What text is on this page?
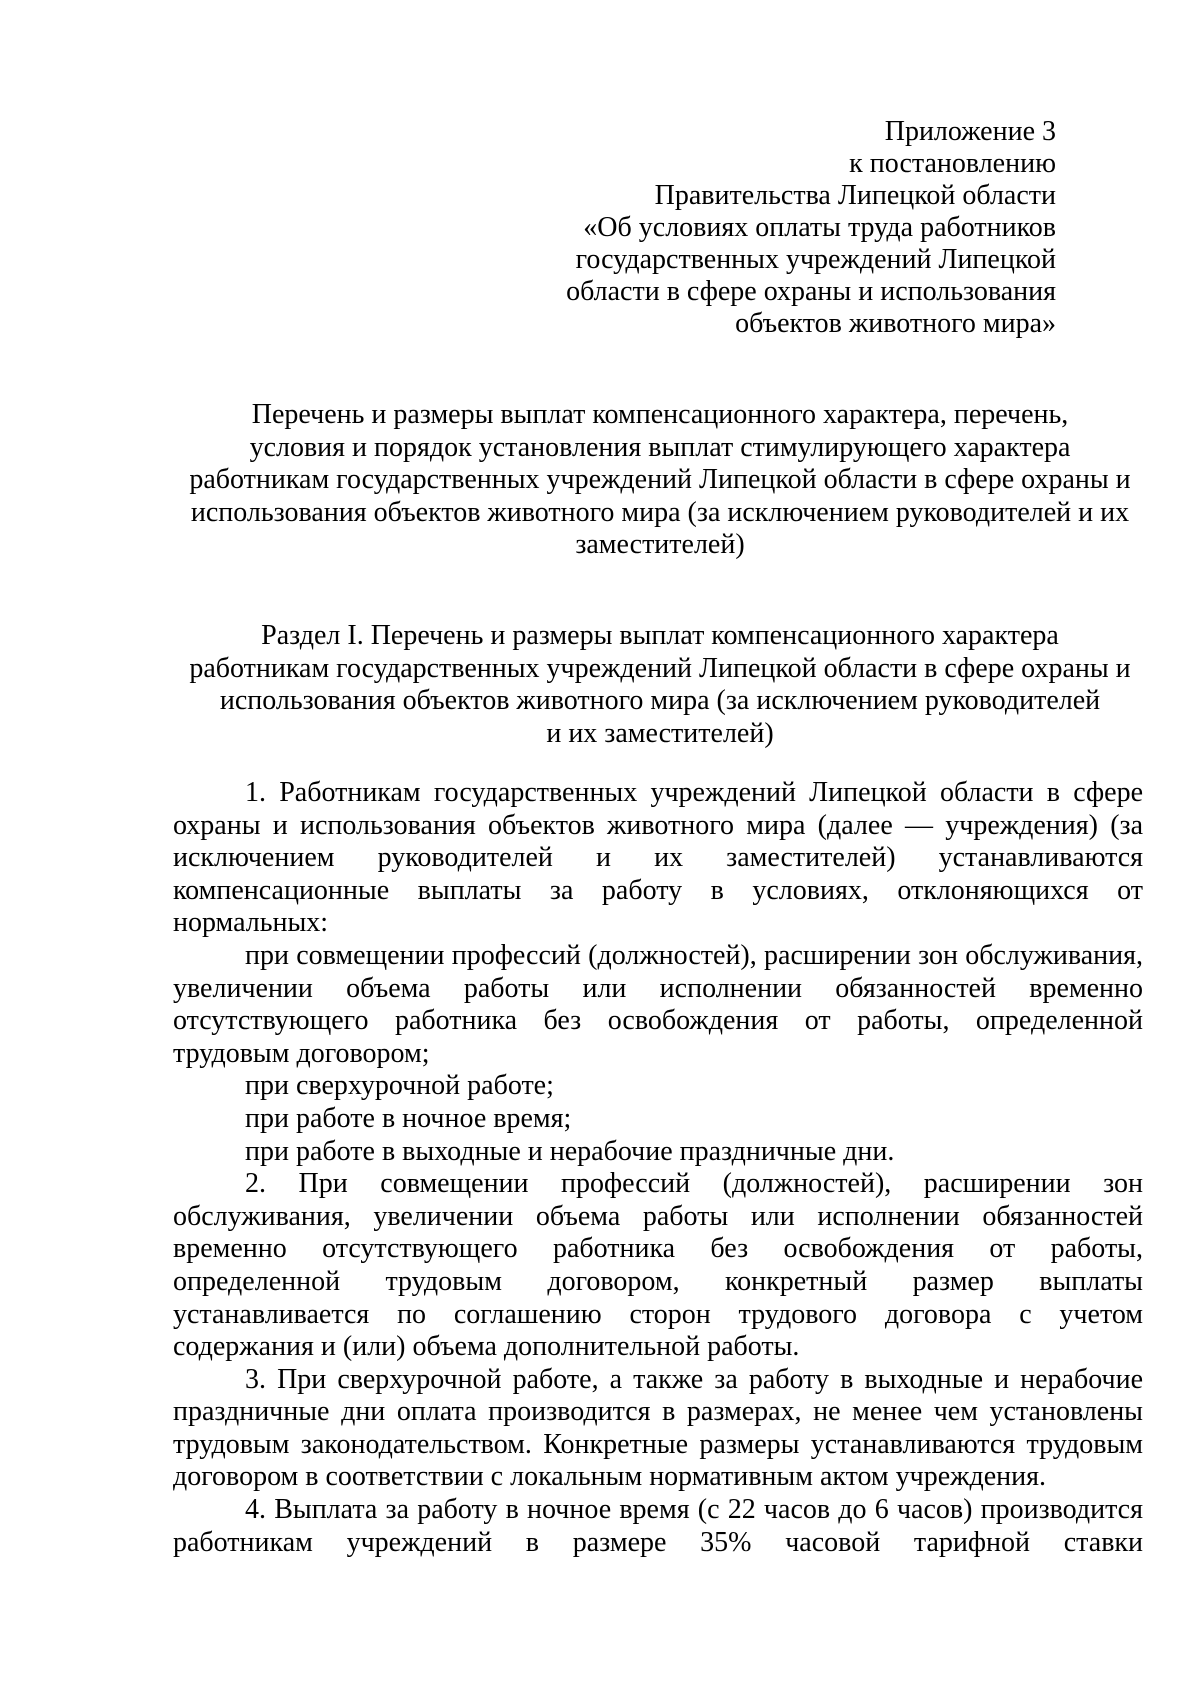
Приложение 3
к постановлению
Правительства Липецкой области
«Об условиях оплаты труда работников
государственных учреждений Липецкой
области в сфере охраны и использования
объектов животного мира»
Перечень и размеры выплат компенсационного характера, перечень,
условия и порядок установления выплат стимулирующего характера
работникам государственных учреждений Липецкой области в сфере охраны и
использования объектов животного мира (за исключением руководителей и их
заместителей)
Раздел I. Перечень и размеры выплат компенсационного характера
работникам государственных учреждений Липецкой области в сфере охраны и
использования объектов животного мира (за исключением руководителей
и их заместителей)

1. Работникам государственных учреждений Липецкой области в сфере охраны и использования объектов животного мира (далее — учреждения) (за исключением руководителей и их заместителей) устанавливаются компенсационные выплаты за работу в условиях, отклоняющихся от нормальных:

при совмещении профессий (должностей), расширении зон обслуживания, увеличении объема работы или исполнении обязанностей временно отсутствующего работника без освобождения от работы, определенной трудовым договором;

при сверхурочной работе;

при работе в ночное время;

при работе в выходные и нерабочие праздничные дни.

2. При совмещении профессий (должностей), расширении зон обслуживания, увеличении объема работы или исполнении обязанностей временно отсутствующего работника без освобождения от работы, определенной трудовым договором, конкретный размер выплаты устанавливается по соглашению сторон трудового договора с учетом содержания и (или) объема дополнительной работы.

3. При сверхурочной работе, а также за работу в выходные и нерабочие праздничные дни оплата производится в размерах, не менее чем установлены трудовым законодательством. Конкретные размеры устанавливаются трудовым договором в соответствии с локальным нормативным актом учреждения.

4. Выплата за работу в ночное время (с 22 часов до 6 часов) производится работникам учреждений в размере 35% часовой тарифной ставки
